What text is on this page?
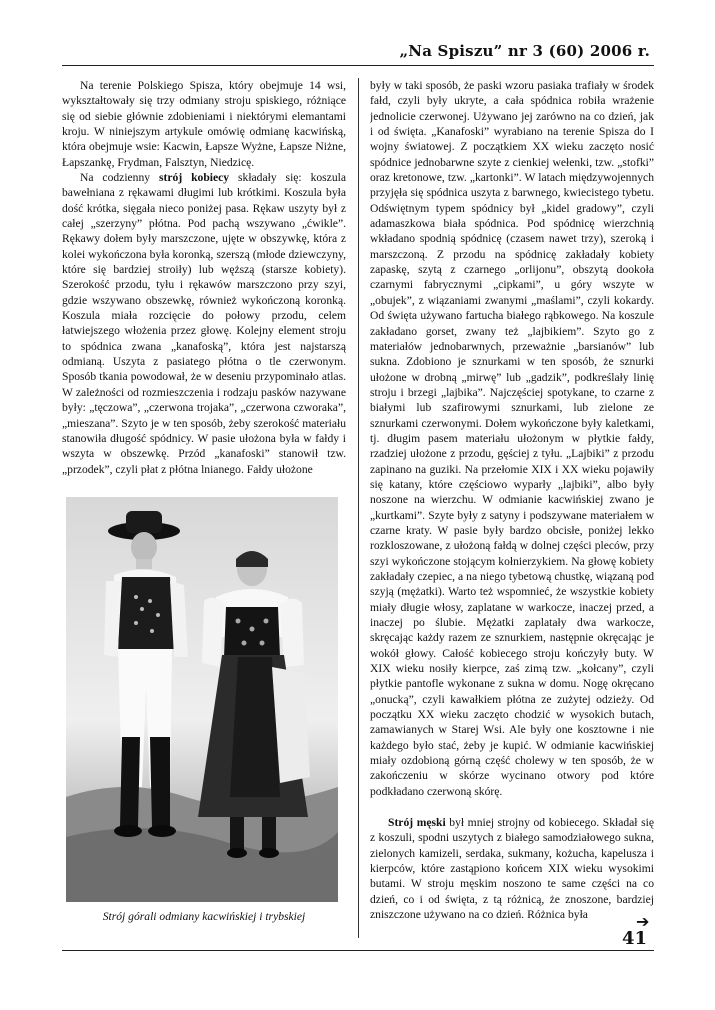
„Na Spiszu” nr 3 (60) 2006 r.

Na terenie Polskiego Spisza, który obejmuje 14 wsi, wykształtowały się trzy odmiany stroju spiskiego, różniące się od siebie głównie zdobieniami i niektórymi elemantami kroju. W niniejszym artykule omówię odmianę kacwińską, która obejmuje wsie: Kacwin, Łapsze Wyżne, Łapsze Niżne, Łapszankę, Frydman, Falsztyn, Niedzicę.

Na codzienny strój kobiecy składały się: koszula bawełniana z rękawami długimi lub krótkimi. Koszula była dość krótka, sięgała nieco poniżej pasa. Rękaw uszyty był z całej „szerzyny” płótna. Pod pachą wszywano „ćwikle”. Rękawy dołem były marszczone, ujęte w obszywkę, która z kolei wykończona była koronką, szerszą (młode dziewczyny, które się bardziej stroiły) lub węższą (starsze kobiety). Szerokość przodu, tyłu i rękawów marszczono przy szyi, gdzie wszywano obszewkę, również wykończoną koronką. Koszula miała rozcięcie do połowy przodu, celem łatwiejszego włożenia przez głowę. Kolejny element stroju to spódnica zwana „kanafoską”, która jest najstarszą odmianą. Uszyta z pasiatego płótna o tle czerwonym. Sposób tkania powodował, że w deseniu przypominało atlas. W zależności od rozmieszczenia i rodzaju pasków nazywane były: „tęczowa”, „czerwona trojaka”, „czerwona czworaka”, „mieszana”. Szyto je w ten sposób, żeby szerokość materiału stanowiła długość spódnicy. W pasie ułożona była w fałdy i wszyta w obszewkę. Przód „kanafoski” stanowił tzw. „przodek”, czyli płat z płótna lnianego. Fałdy ułożone

Strój górali odmiany kacwińskiej i trybskiej

były w taki sposób, że paski wzoru pasiaka trafiały w środek fałd, czyli były ukryte, a cała spódnica robiła wrażenie jednolicie czerwonej. Używano jej zarówno na co dzień, jak i od święta. „Kanafoski” wyrabiano na terenie Spisza do I wojny światowej. Z początkiem XX wieku zaczęto nosić spódnice jednobarwne szyte z cienkiej wełenki, tzw. „stofki” oraz kretonowe, tzw. „kartonki”. W latach międzywojennych przyjęła się spódnica uszyta z barwnego, kwiecistego tybetu. Odświętnym typem spódnicy był „kidel gradowy”, czyli adamaszkowa biała spódnica. Pod spódnicę wierzchnią wkładano spodnią spódnicę (czasem nawet trzy), szeroką i marszczoną. Z przodu na spódnicę zakładały kobiety zapaskę, szytą z czarnego „orlijonu”, obszytą dookoła czarnymi fabrycznymi „cipkami”, u góry wszyte w „obujek”, z wiązaniami zwanymi „maślami”, czyli kokardy. Od święta używano fartucha białego rąbkowego. Na koszule zakładano gorset, zwany też „lajbikiem”. Szyto go z materiałów jednobarwnych, przeważnie „barsianów” lub sukna. Zdobiono je sznurkami w ten sposób, że sznurki ułożone w drobną „mirwę” lub „gadzik”, podkreślały linię stroju i brzegi „lajbika”. Najczęściej spotykane, to czarne z białymi lub szafirowymi sznurkami, lub zielone ze sznurkami czerwonymi. Dołem wykończone były kaletkami, tj. długim pasem materiału ułożonym w płytkie fałdy, rzadziej ułożone z przodu, gęściej z tyłu. „Lajbiki” z przodu zapinano na guziki. Na przełomie XIX i XX wieku pojawiły się katany, które częściowo wyparły „lajbiki”, albo były noszone na wierzchu. W odmianie kacwińskiej zwano je „kurtkami”. Szyte były z satyny i podszywane materiałem w czarne kraty. W pasie były bardzo obcisłe, poniżej lekko rozkloszowane, z ułożoną fałdą w dolnej części pleców, przy szyi wykończone stojącym kołnierzykiem. Na głowę kobiety zakładały czepiec, a na niego tybetową chustkę, wiązaną pod szyją (mężatki). Warto też wspomnieć, że wszystkie kobiety miały długie włosy, zaplatane w warkocze, inaczej przed, a inaczej po ślubie. Mężatki zaplatały dwa warkocze, skręcając każdy razem ze sznurkiem, następnie okręcając je wokół głowy. Całość kobiecego stroju kończyły buty. W XIX wieku nosiły kierpce, zaś zimą tzw. „kołcany”, czyli płytkie pantofle wykonane z sukna w domu. Nogę okręcano „onucką”, czyli kawałkiem płótna ze zużytej odzieży. Od początku XX wieku zaczęto chodzić w wysokich butach, zamawianych w Starej Wsi. Ale były one kosztowne i nie każdego było stać, żeby je kupić. W odmianie kacwińskiej miały ozdobioną górną część cholewy w ten sposób, że w zakończeniu w skórze wycinano otwory pod które podkładano czerwoną skórę.

Strój męski był mniej strojny od kobiecego. Składał się z koszuli, spodni uszytych z białego samodziałowego sukna, zielonych kamizeli, serdaka, sukmany, kożucha, kapelusza i kierpców, które zastąpiono końcem XIX wieku wysokimi butami. W stroju męskim noszono te same części na co dzień, co i od święta, z tą różnicą, że znoszone, bardziej zniszczone używano na co dzień. Różnica była	➔
41
